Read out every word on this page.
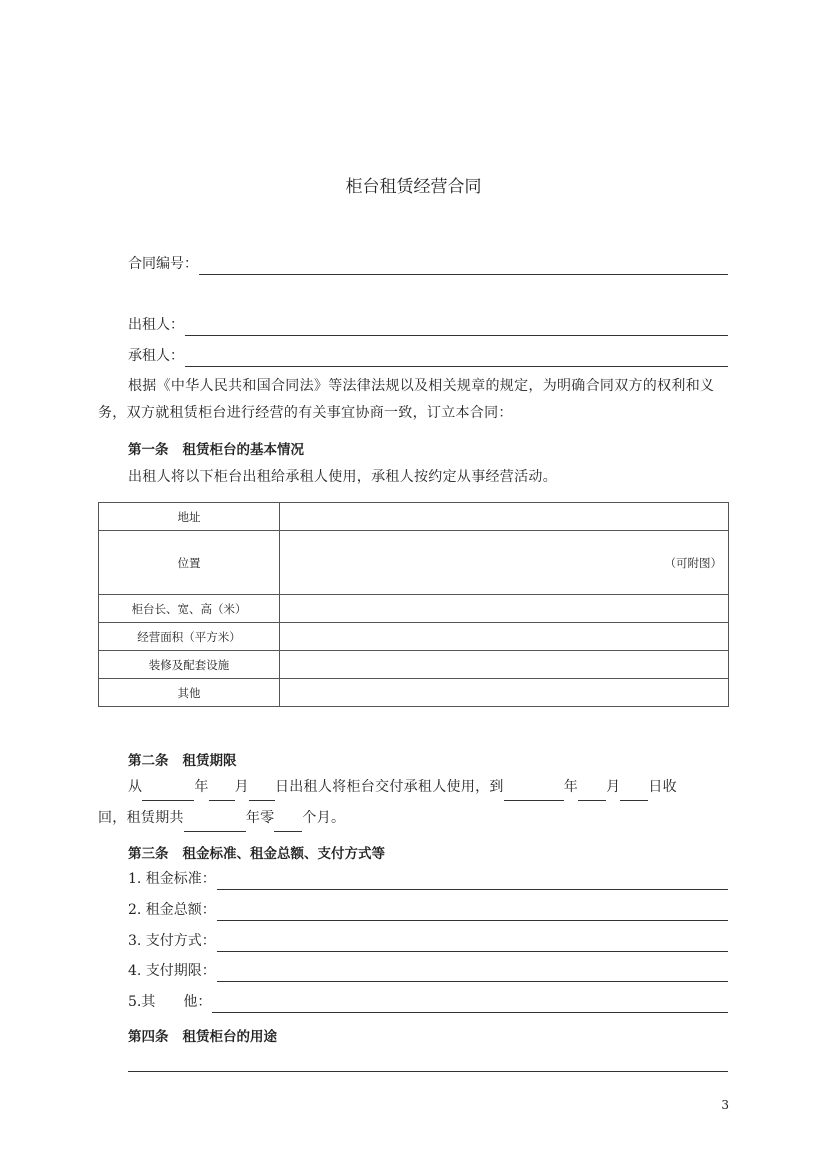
柜台租赁经营合同
合同编号：
出租人：
承租人：
根据《中华人民共和国合同法》等法律法规以及相关规章的规定，为明确合同双方的权利和义务，双方就租赁柜台进行经营的有关事宜协商一致，订立本合同：
第一条 租赁柜台的基本情况
出租人将以下柜台出租给承租人使用，承租人按约定从事经营活动。
地址	
位置	（可附图）

柜台长、宽、高（米）	
经营面积（平方米）	
装修及配套设施	
其他	
第二条 租赁期限
从	年 月 日出租人将柜台交付承租人使用，到	年 月 日收
回，租赁期共	年零 个月。
第三条 租金标准、租金总额、支付方式等
1. 租金标准：
2. 租金总额：
3. 支付方式：
4. 支付期限：
5.其　　他：
第四条 租赁柜台的用途
3
